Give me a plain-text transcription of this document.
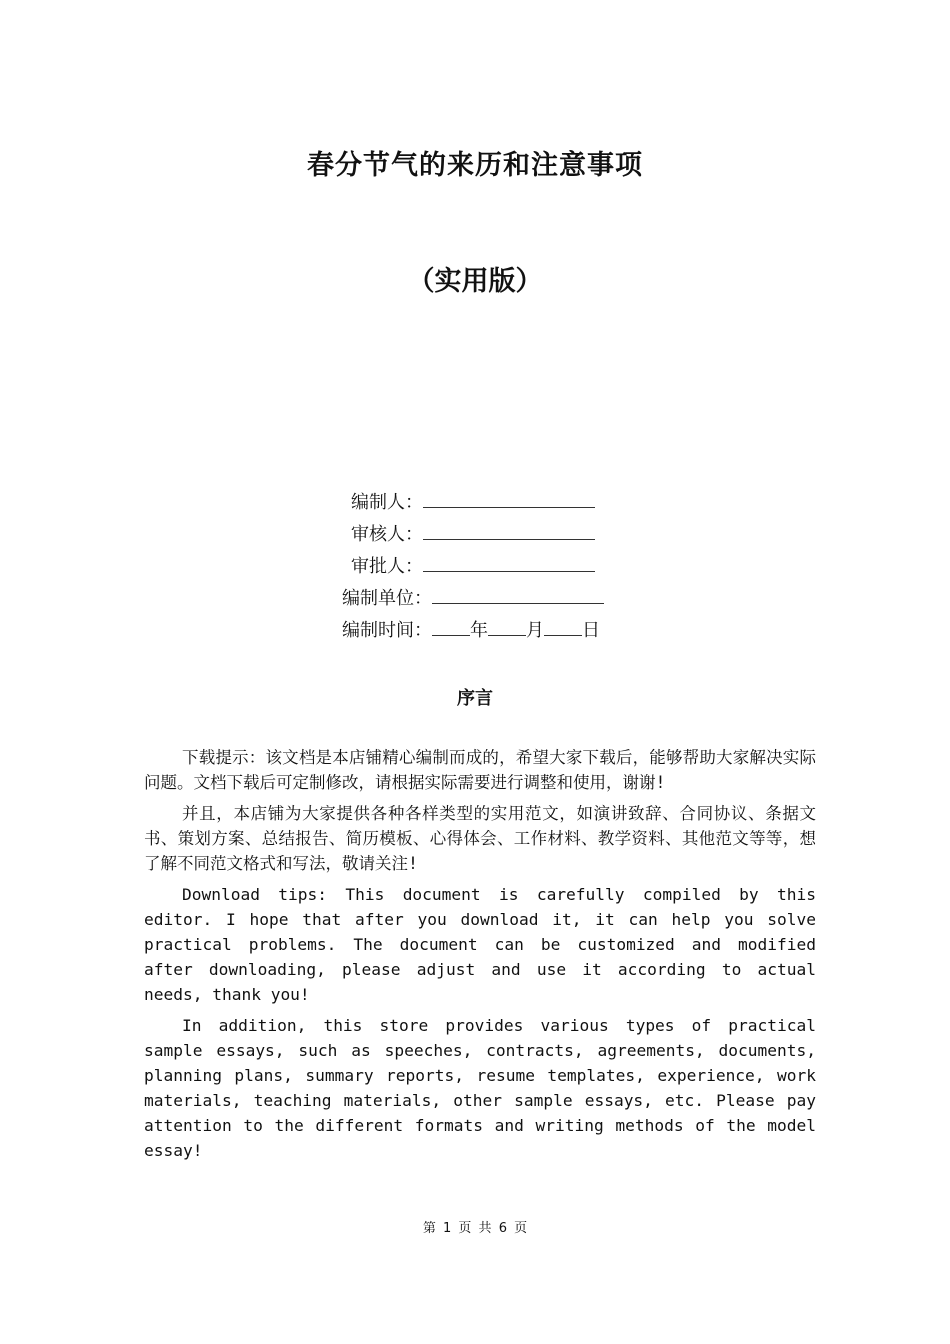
春分节气的来历和注意事项
（实用版）
编制人：
审核人：
审批人：
编制单位：
编制时间： 年 月 日
序言

下载提示：该文档是本店铺精心编制而成的，希望大家下载后，能够帮助大家解决实际问题。文档下载后可定制修改，请根据实际需要进行调整和使用，谢谢!

并且，本店铺为大家提供各种各样类型的实用范文，如演讲致辞、合同协议、条据文书、策划方案、总结报告、简历模板、心得体会、工作材料、教学资料、其他范文等等，想了解不同范文格式和写法，敬请关注!

Download tips: This document is carefully compiled by this editor. I hope that after you download it, it can help you solve practical problems. The document can be customized and modified after downloading, please adjust and use it according to actual needs, thank you!

In addition, this store provides various types of practical sample essays, such as speeches, contracts, agreements, documents, planning plans, summary reports, resume templates, experience, work materials, teaching materials, other sample essays, etc. Please pay attention to the different formats and writing methods of the model essay!

第 1 页 共 6 页
